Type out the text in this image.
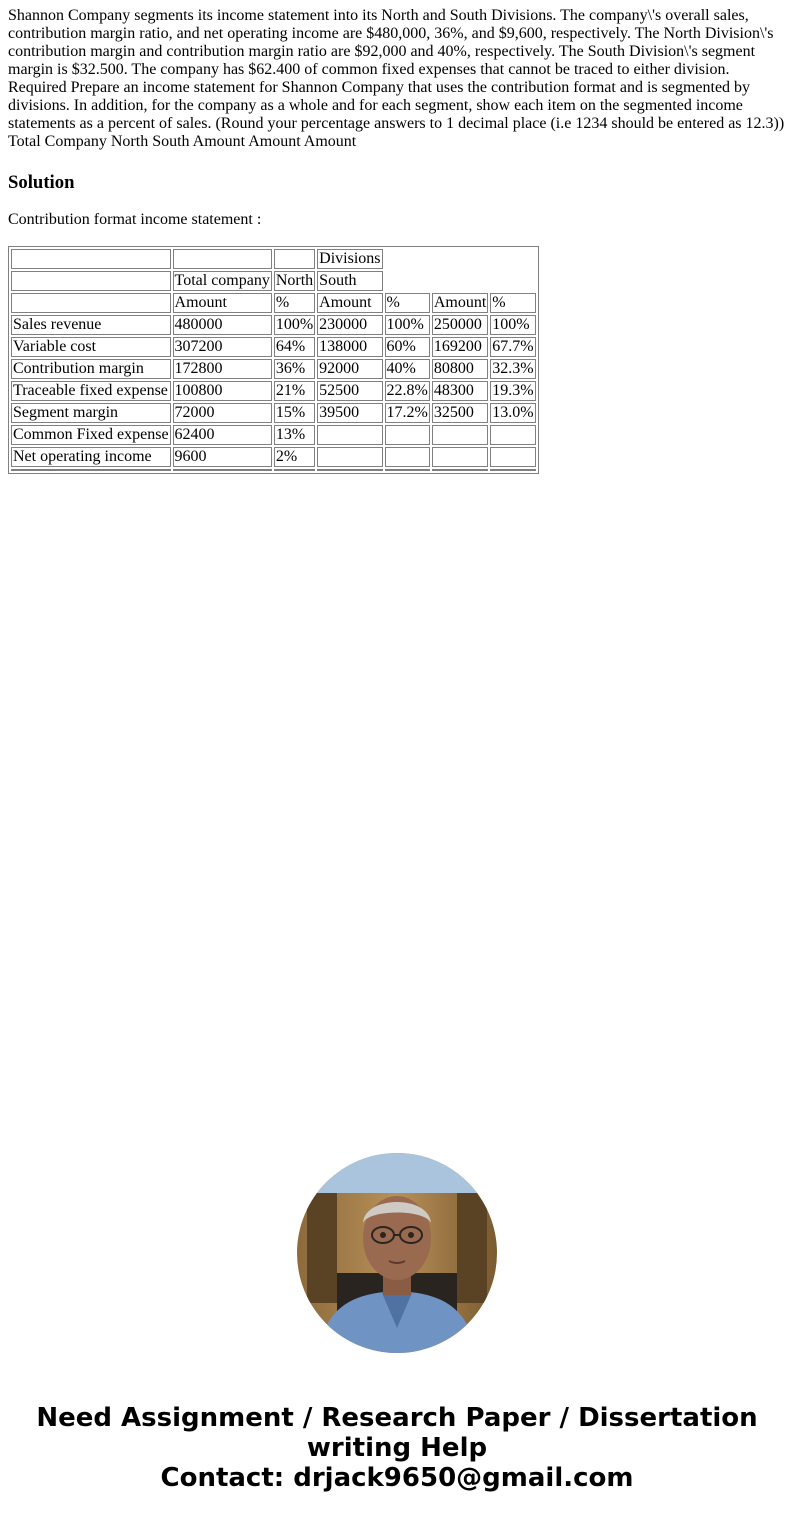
Shannon Company segments its income statement into its North and South Divisions. The company\'s overall sales, contribution margin ratio, and net operating income are $480,000, 36%, and $9,600, respectively. The North Division\'s contribution margin and contribution margin ratio are $92,000 and 40%, respectively. The South Division\'s segment margin is $32.500. The company has $62.400 of common fixed expenses that cannot be traced to either division. Required Prepare an income statement for Shannon Company that uses the contribution format and is segmented by divisions. In addition, for the company as a whole and for each segment, show each item on the segmented income statements as a percent of sales. (Round your percentage answers to 1 decimal place (i.e 1234 should be entered as 12.3)) Total Company North South Amount Amount Amount

Solution

Contribution format income statement :

			Divisions			
	Total company	North	South			
	Amount	%	Amount	%	Amount	%
Sales revenue	480000	100%	230000	100%	250000	100%
Variable cost	307200	64%	138000	60%	169200	67.7%
Contribution margin	172800	36%	92000	40%	80800	32.3%
Traceable fixed expense	100800	21%	52500	22.8%	48300	19.3%
Segment margin	72000	15%	39500	17.2%	32500	13.0%
Common Fixed expense	62400	13%				
Net operating income	9600	2%				

Need Assignment / Research Paper / Dissertation
writing Help
Contact: drjack9650@gmail.com
